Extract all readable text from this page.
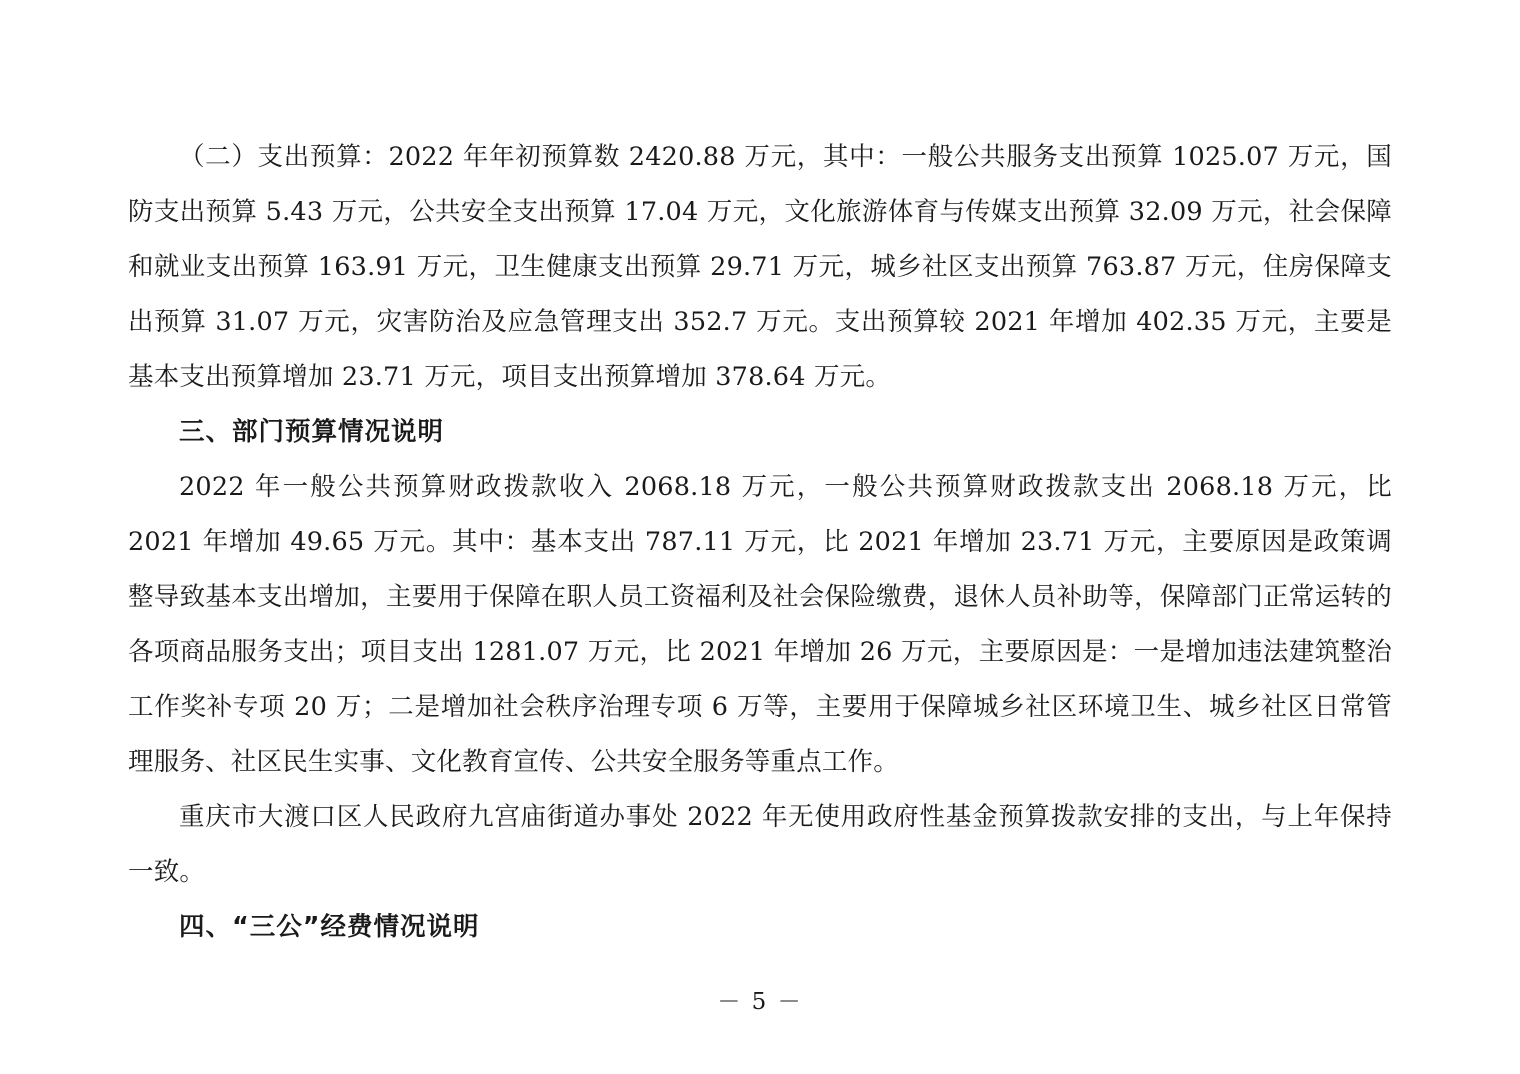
（二）支出预算：2022 年年初预算数 2420.88 万元，其中：一般公共服务支出预算 1025.07 万元，国防支出预算 5.43 万元，公共安全支出预算 17.04 万元，文化旅游体育与传媒支出预算 32.09 万元，社会保障和就业支出预算 163.91 万元，卫生健康支出预算 29.71 万元，城乡社区支出预算 763.87 万元，住房保障支出预算 31.07 万元，灾害防治及应急管理支出 352.7 万元。支出预算较 2021 年增加 402.35 万元，主要是基本支出预算增加 23.71 万元，项目支出预算增加 378.64 万元。

三、部门预算情况说明

2022 年一般公共预算财政拨款收入 2068.18 万元，一般公共预算财政拨款支出 2068.18 万元，比 2021 年增加 49.65 万元。其中：基本支出 787.11 万元，比 2021 年增加 23.71 万元，主要原因是政策调整导致基本支出增加，主要用于保障在职人员工资福利及社会保险缴费，退休人员补助等，保障部门正常运转的各项商品服务支出；项目支出 1281.07 万元，比 2021 年增加 26 万元，主要原因是：一是增加违法建筑整治工作奖补专项 20 万；二是增加社会秩序治理专项 6 万等，主要用于保障城乡社区环境卫生、城乡社区日常管理服务、社区民生实事、文化教育宣传、公共安全服务等重点工作。

重庆市大渡口区人民政府九宫庙街道办事处 2022 年无使用政府性基金预算拨款安排的支出，与上年保持一致。

四、“三公”经费情况说明
－ 5 －
